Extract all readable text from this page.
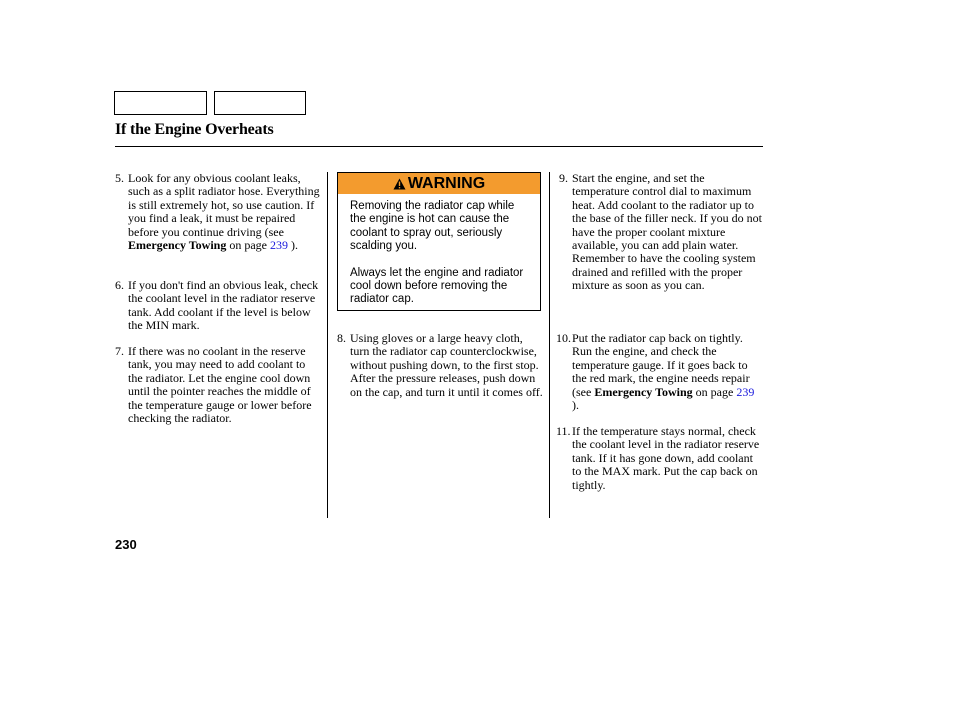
If the Engine Overheats
5. Look for any obvious coolant leaks, such as a split radiator hose. Everything is still extremely hot, so use caution. If you find a leak, it must be repaired before you continue driving (see Emergency Towing on page 239 ).
6. If you don't find an obvious leak, check the coolant level in the radiator reserve tank. Add coolant if the level is below the MIN mark.
7. If there was no coolant in the reserve tank, you may need to add coolant to the radiator. Let the engine cool down until the pointer reaches the middle of the temperature gauge or lower before checking the radiator.
WARNING

Removing the radiator cap while the engine is hot can cause the coolant to spray out, seriously scalding you.

Always let the engine and radiator cool down before removing the radiator cap.

8. Using gloves or a large heavy cloth, turn the radiator cap counterclockwise, without pushing down, to the first stop. After the pressure releases, push down on the cap, and turn it until it comes off.
9. Start the engine, and set the temperature control dial to maximum heat. Add coolant to the radiator up to the base of the filler neck. If you do not have the proper coolant mixture available, you can add plain water. Remember to have the cooling system drained and refilled with the proper mixture as soon as you can.
10. Put the radiator cap back on tightly. Run the engine, and check the temperature gauge. If it goes back to the red mark, the engine needs repair (see Emergency Towing on page 239 ).
11. If the temperature stays normal, check the coolant level in the radiator reserve tank. If it has gone down, add coolant to the MAX mark. Put the cap back on tightly.
230
